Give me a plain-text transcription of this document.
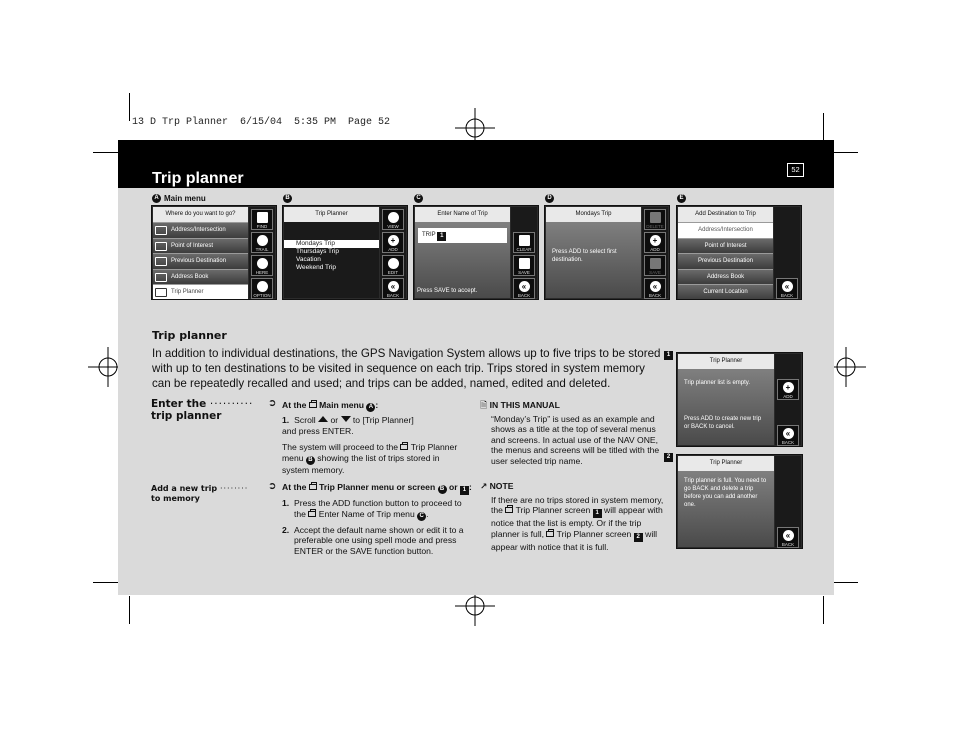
13 D Trp Planner  6/15/04  5:35 PM  Page 52
Trip planner
52
A Main menu	B	C	D	E
Where do you want to go?
Address/Intersection
Point of Interest
Previous Destination
Address Book
Trip Planner
FIND
TRAIL
HERE
OPTION
Trip Planner
Mondays Trip
Thursdays Trip
Vacation
Weekend Trip
VIEW
+
ADD
EDIT
«
BACK
Enter Name of Trip
TRIP 1
Press SAVE to accept.
CLEAR
SAVE
«
BACK
Mondays Trip
Press ADD to select first destination.
DELETE
+
ADD
SAVE
«
BACK
Add Destination to Trip
Address/Intersection
Point of Interest
Previous Destination
Address Book
Current Location
«
BACK
Trip planner
In addition to individual destinations, the GPS Navigation System allows up to five trips to be stored with up to ten destinations to be visited in sequence on each trip. Trips stored in system memory can be repeatedly recalled and used; and trips can be added, named, edited and deleted.
Enter the ··········
trip planner
➲ At the Main menu A :
1. Scroll or to [Trip Planner]

and press ENTER.

The system will proceed to the Trip Planner menu B showing the list of trips stored in system memory.

Add a new trip ········
to memory
➲ At the Trip Planner menu or screen B or 1 :
1. Press the ADD function button to proceed to the Enter Name of Trip menu C .
2. Accept the default name shown or edit it to a preferable one using spell mode and press ENTER or the SAVE function button.
🗎 IN THIS MANUAL

“Monday’s Trip” is used as an example and shows as a title at the top of several menus and screens. In actual use of the NAV ONE, the menus and screens will be titled with the user selected trip name.

↗ NOTE

If there are no trips stored in system memory, the Trip Planner screen 1 will appear with notice that the list is empty. Or if the trip planner is full, Trip Planner screen 2 will appear with notice that it is full.

1
Trip Planner
Trip planner list is empty.
Press ADD to create new trip or BACK to cancel.
+
ADD
«
BACK
2
Trip Planner
Trip planner is full. You need to go BACK and delete a trip before you can add another one.
«
BACK
